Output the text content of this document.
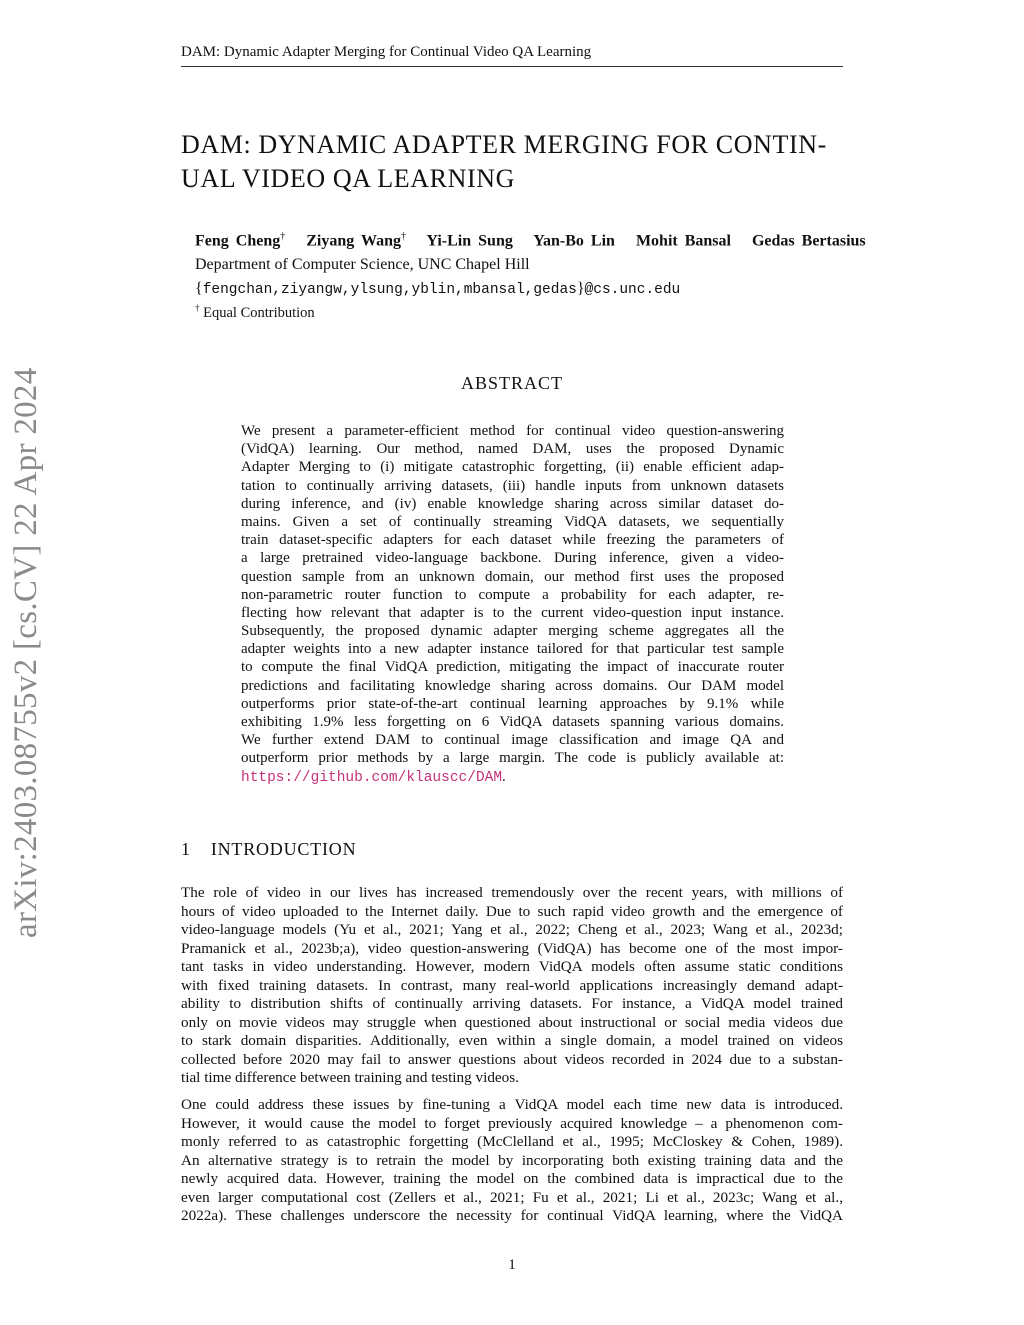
DAM: Dynamic Adapter Merging for Continual Video QA Learning
DAM: DYNAMIC ADAPTER MERGING FOR CONTIN-
UAL VIDEO QA LEARNING
Feng Cheng† Ziyang Wang† Yi-Lin Sung Yan-Bo Lin Mohit Bansal Gedas Bertasius
Department of Computer Science, UNC Chapel Hill
{fengchan,ziyangw,ylsung,yblin,mbansal,gedas}@cs.unc.edu
† Equal Contribution
arXiv:2403.08755v2 [cs.CV] 22 Apr 2024	ABSTRACT
We present a parameter-efficient method for continual video question-answering
(VidQA) learning. Our method, named DAM, uses the proposed Dynamic
Adapter Merging to (i) mitigate catastrophic forgetting, (ii) enable efficient adap-
tation to continually arriving datasets, (iii) handle inputs from unknown datasets
during inference, and (iv) enable knowledge sharing across similar dataset do-
mains. Given a set of continually streaming VidQA datasets, we sequentially
train dataset-specific adapters for each dataset while freezing the parameters of
a large pretrained video-language backbone. During inference, given a video-
question sample from an unknown domain, our method first uses the proposed
non-parametric router function to compute a probability for each adapter, re-
flecting how relevant that adapter is to the current video-question input instance.
Subsequently, the proposed dynamic adapter merging scheme aggregates all the
adapter weights into a new adapter instance tailored for that particular test sample
to compute the final VidQA prediction, mitigating the impact of inaccurate router
predictions and facilitating knowledge sharing across domains. Our DAM model
outperforms prior state-of-the-art continual learning approaches by 9.1% while
exhibiting 1.9% less forgetting on 6 VidQA datasets spanning various domains.
We further extend DAM to continual image classification and image QA and
outperform prior methods by a large margin. The code is publicly available at:
https://github.com/klauscc/DAM.
1 INTRODUCTION
The role of video in our lives has increased tremendously over the recent years, with millions of
hours of video uploaded to the Internet daily. Due to such rapid video growth and the emergence of
video-language models (Yu et al., 2021; Yang et al., 2022; Cheng et al., 2023; Wang et al., 2023d;
Pramanick et al., 2023b;a), video question-answering (VidQA) has become one of the most impor-
tant tasks in video understanding. However, modern VidQA models often assume static conditions
with fixed training datasets. In contrast, many real-world applications increasingly demand adapt-
ability to distribution shifts of continually arriving datasets. For instance, a VidQA model trained
only on movie videos may struggle when questioned about instructional or social media videos due
to stark domain disparities. Additionally, even within a single domain, a model trained on videos
collected before 2020 may fail to answer questions about videos recorded in 2024 due to a substan-
tial time difference between training and testing videos.
One could address these issues by fine-tuning a VidQA model each time new data is introduced.
However, it would cause the model to forget previously acquired knowledge – a phenomenon com-
monly referred to as catastrophic forgetting (McClelland et al., 1995; McCloskey & Cohen, 1989).
An alternative strategy is to retrain the model by incorporating both existing training data and the
newly acquired data. However, training the model on the combined data is impractical due to the
even larger computational cost (Zellers et al., 2021; Fu et al., 2021; Li et al., 2023c; Wang et al.,
2022a). These challenges underscore the necessity for continual VidQA learning, where the VidQA
1
